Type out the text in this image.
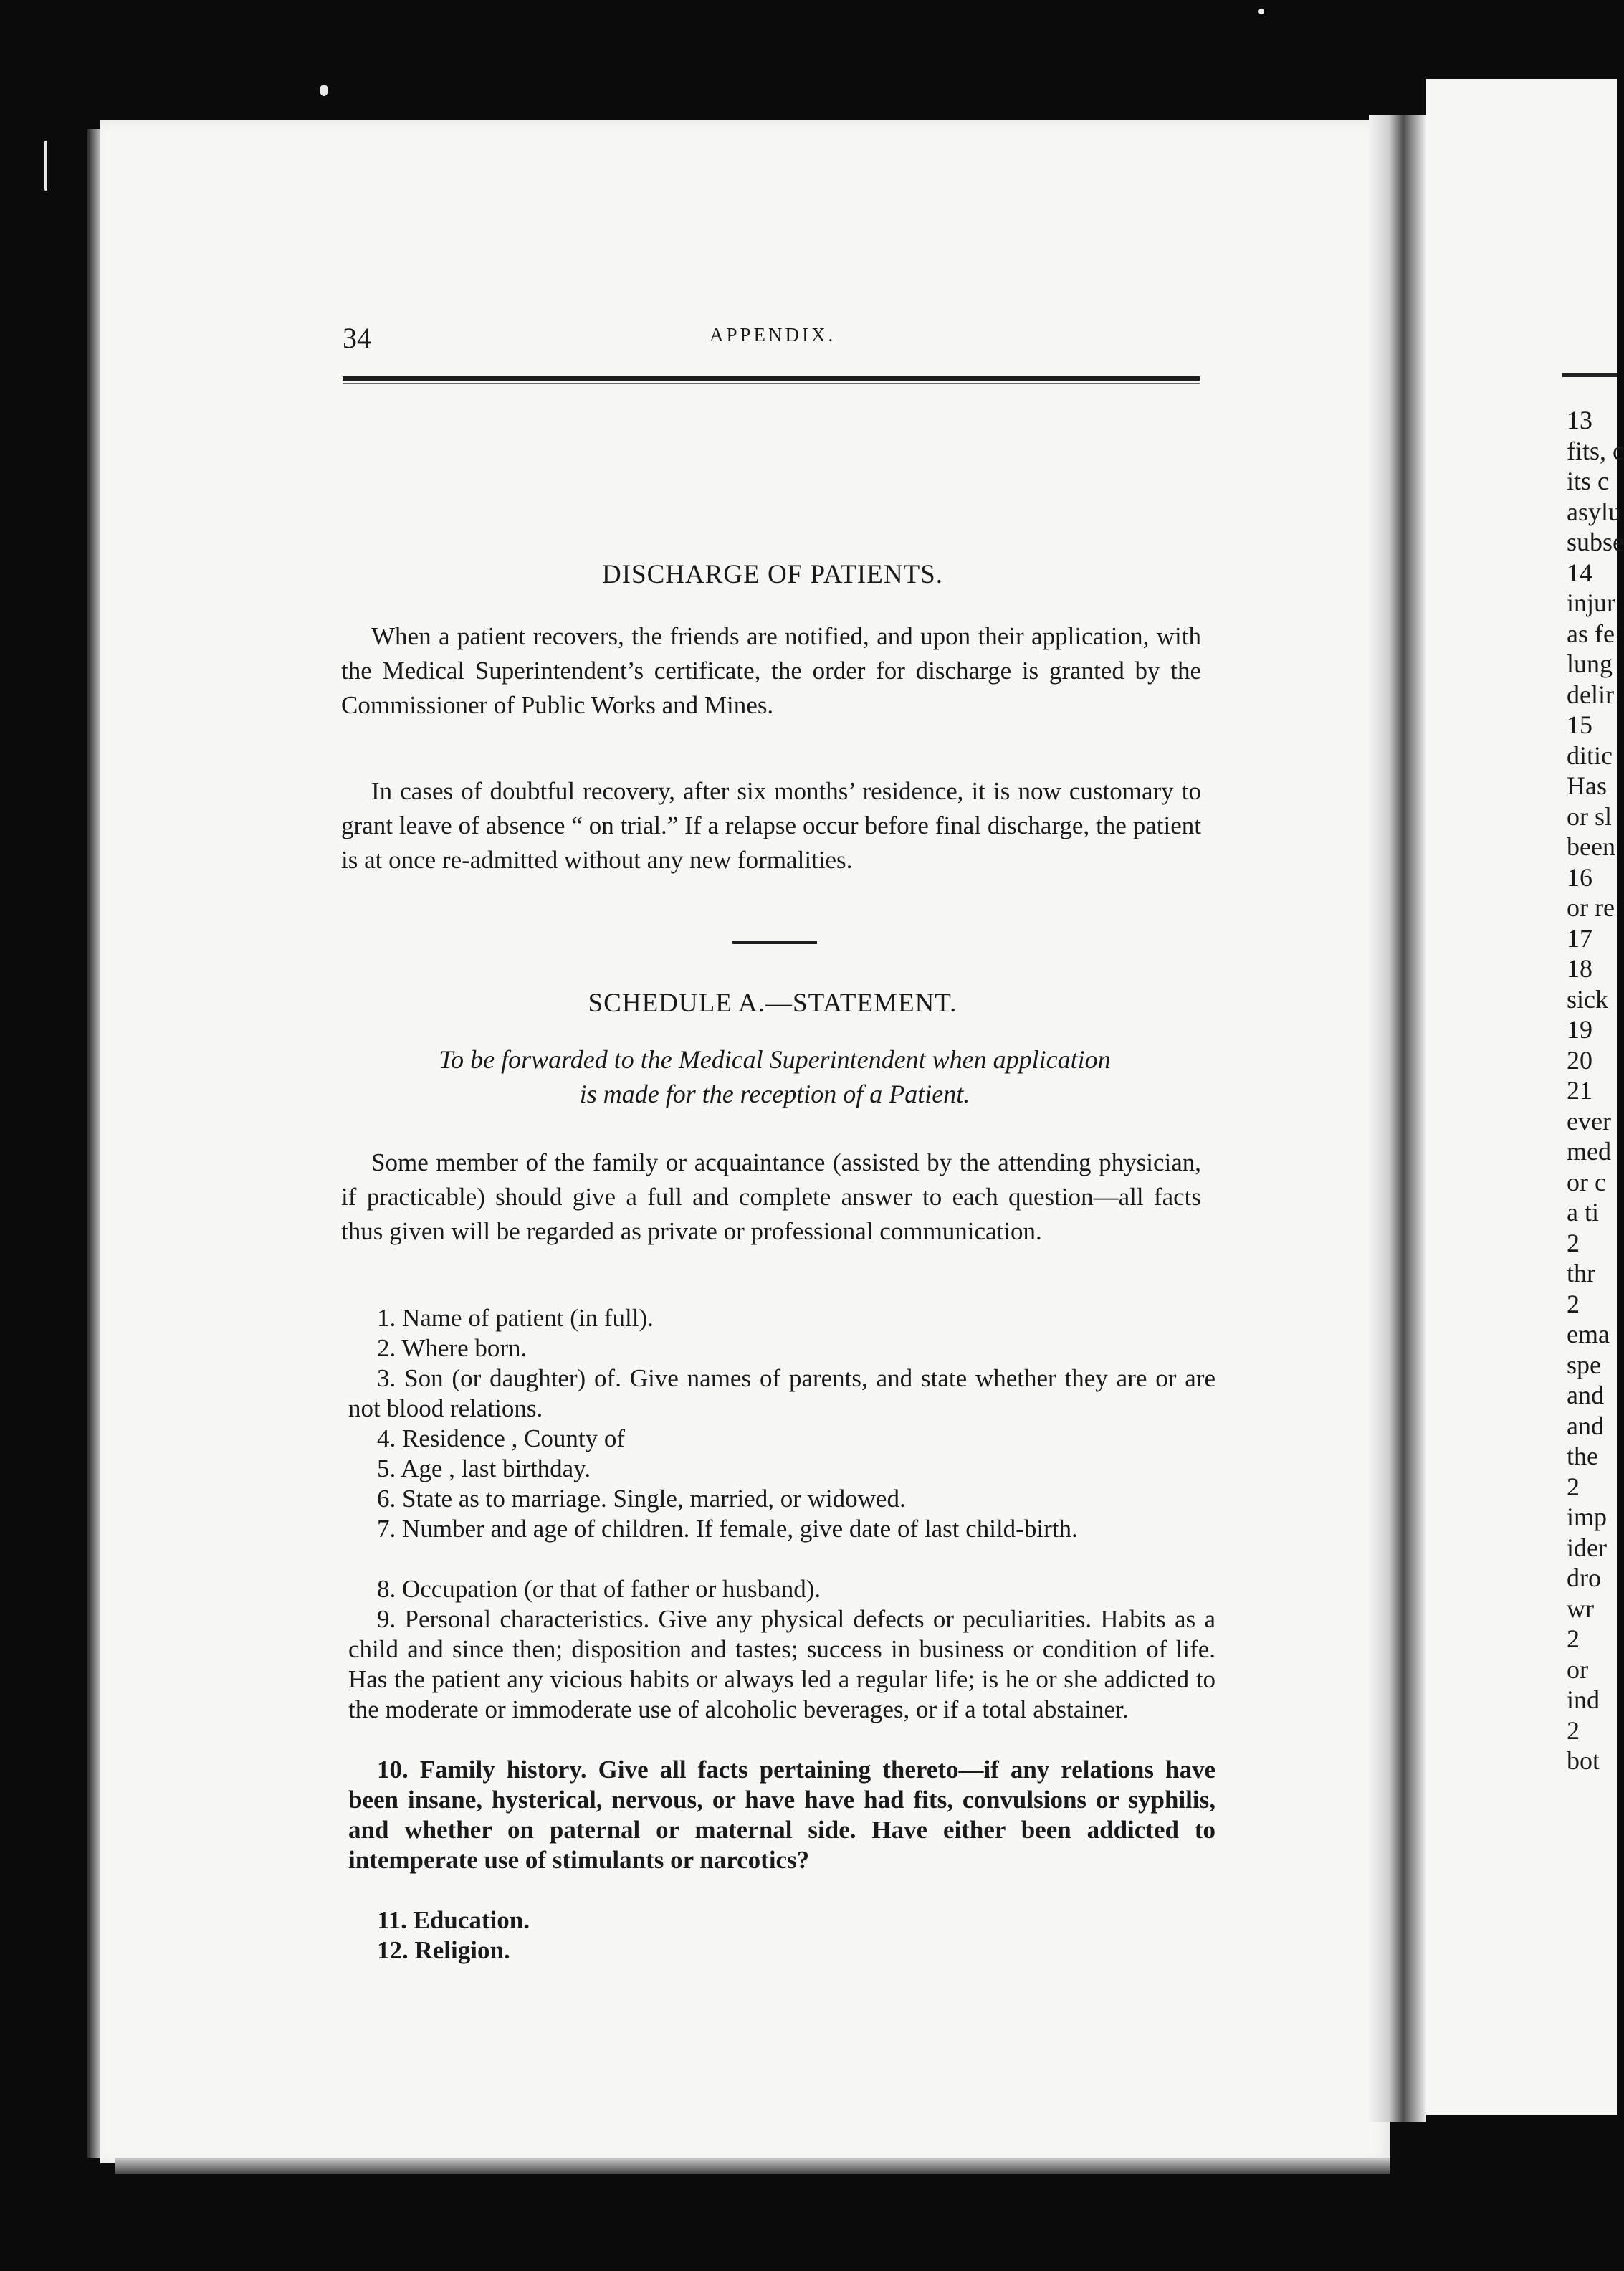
13
fits, c
its c
asylu
subse
14
injur
as fe
lung
delir
15
ditic
Has
or sl
been
16
or re
17
18
sick
19
20
21
ever
med
or c
a ti
2
thr
2
ema
spe
and
and
the
2
imp
ider
dro
wr
2
or
ind
2
bot
34	APPENDIX.
DISCHARGE OF PATIENTS.
When a patient recovers, the friends are notified, and upon their application, with the Medical Superintendent’s certificate, the order for discharge is granted by the Commissioner of Public Works and Mines.
In cases of doubtful recovery, after six months’ residence, it is now customary to grant leave of absence “ on trial.” If a relapse occur before final discharge, the patient is at once re-admitted without any new formalities.
SCHEDULE A.—STATEMENT.
To be forwarded to the Medical Superintendent when application
is made for the reception of a Patient.
Some member of the family or acquaintance (assisted by the attending physician, if practicable) should give a full and complete answer to each question—all facts thus given will be regarded as private or professional communication.
1. Name of patient (in full).
2. Where born.
3. Son (or daughter) of. Give names of parents, and state whether they are or are not blood relations.
4. Residence , County of
5. Age , last birthday.
6. State as to marriage. Single, married, or widowed.
7. Number and age of children. If female, give date of last child-birth.
8. Occupation (or that of father or husband).
9. Personal characteristics. Give any physical defects or peculiarities. Habits as a child and since then; disposition and tastes; success in business or condition of life. Has the patient any vicious habits or always led a regular life; is he or she addicted to the moderate or immoderate use of alcoholic beverages, or if a total abstainer.
10. Family history. Give all facts pertaining thereto—if any relations have been insane, hysterical, nervous, or have have had fits, convulsions or syphilis, and whether on paternal or maternal side. Have either been addicted to intemperate use of stimulants or narcotics?
11. Education.
12. Religion.
